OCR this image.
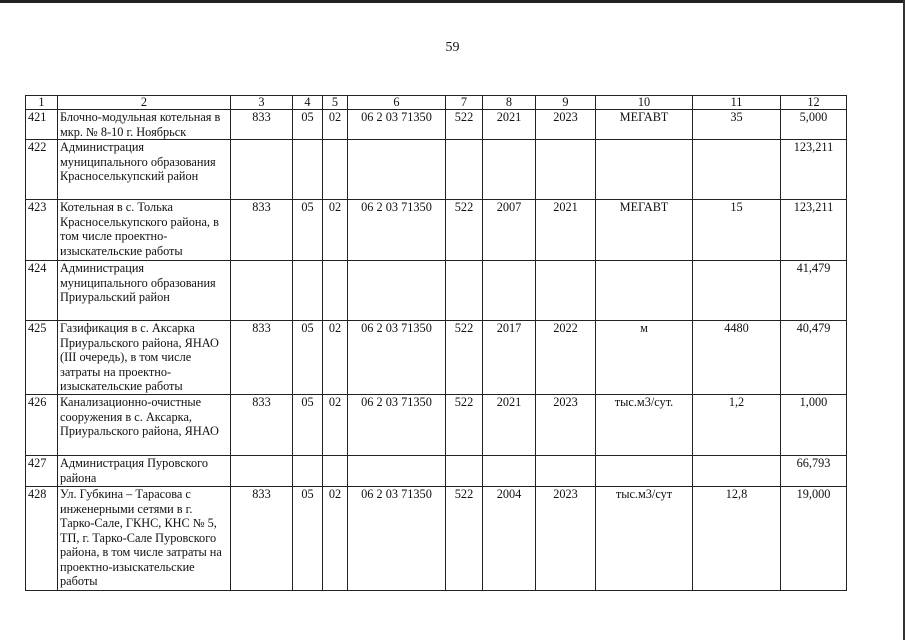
59
1	2	3	4	5	6	7	8	9	10	11	12
421	Блочно-модульная котельная в мкр. № 8-10 г. Ноябрьск	833	05	02	06 2 03 71350	522	2021	2023	МЕГАВТ	35	5,000
422	Администрация муниципального образования Красноселькупский район										123,211
423	Котельная в с. Толька Красноселькупского района, в том числе проектно-изыскательские работы	833	05	02	06 2 03 71350	522	2007	2021	МЕГАВТ	15	123,211
424	Администрация муниципального образования Приуральский район										41,479
425	Газификация в с. Аксарка Приуральского района, ЯНАО (III очередь), в том числе затраты на проектно-изыскательские работы	833	05	02	06 2 03 71350	522	2017	2022	м	4480	40,479
426	Канализационно-очистные сооружения в с. Аксарка, Приуральского района, ЯНАО	833	05	02	06 2 03 71350	522	2021	2023	тыс.м3/сут.	1,2	1,000
427	Администрация Пуровского района										66,793
428	Ул. Губкина – Тарасова с инженерными сетями в г. Тарко-Сале, ГКНС, КНС № 5, ТП, г. Тарко-Сале Пуровского района, в том числе затраты на проектно-изыскательские работы	833	05	02	06 2 03 71350	522	2004	2023	тыс.м3/сут	12,8	19,000
